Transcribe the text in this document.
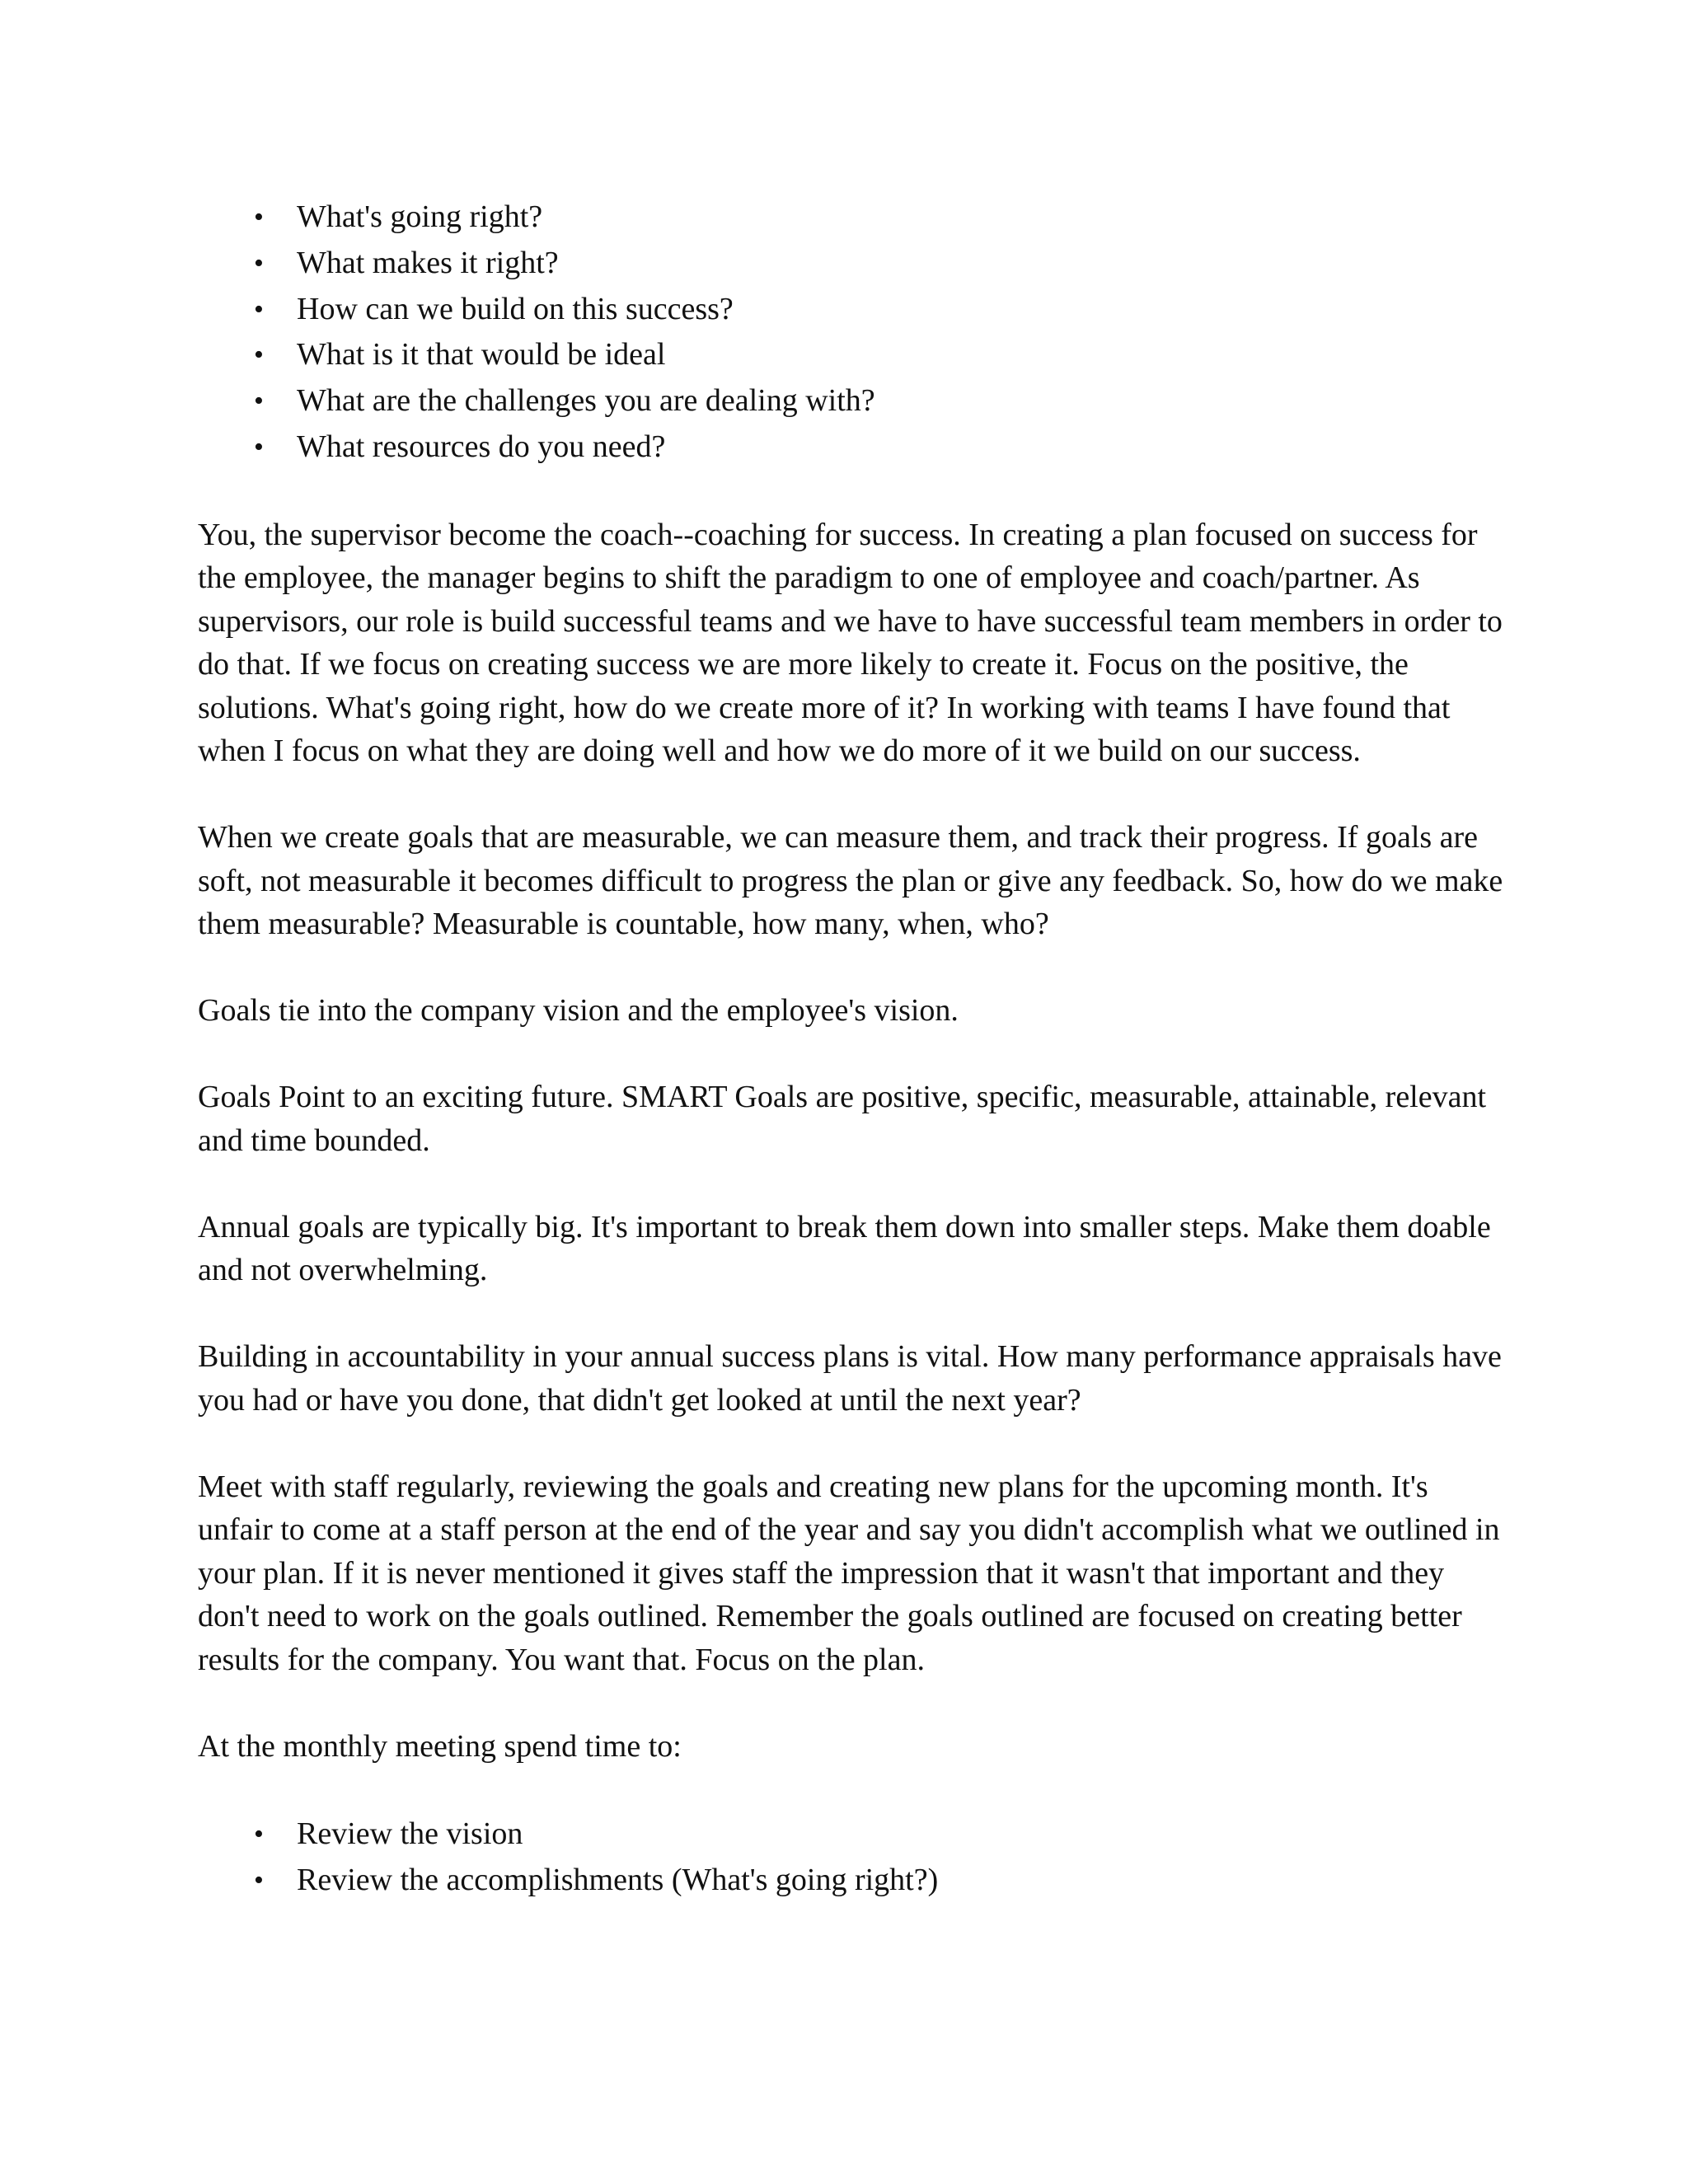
• What's going right?
• What makes it right?
• How can we build on this success?
• What is it that would be ideal
• What are the challenges you are dealing with?
• What resources do you need?

You, the supervisor become the coach--coaching for success. In creating a plan focused on success for the employee, the manager begins to shift the paradigm to one of employee and coach/partner. As supervisors, our role is build successful teams and we have to have successful team members in order to do that. If we focus on creating success we are more likely to create it. Focus on the positive, the solutions. What's going right, how do we create more of it? In working with teams I have found that when I focus on what they are doing well and how we do more of it we build on our success.

When we create goals that are measurable, we can measure them, and track their progress. If goals are soft, not measurable it becomes difficult to progress the plan or give any feedback. So, how do we make them measurable? Measurable is countable, how many, when, who?

Goals tie into the company vision and the employee's vision.

Goals Point to an exciting future. SMART Goals are positive, specific, measurable, attainable, relevant and time bounded.

Annual goals are typically big. It's important to break them down into smaller steps. Make them doable and not overwhelming.

Building in accountability in your annual success plans is vital. How many performance appraisals have you had or have you done, that didn't get looked at until the next year?

Meet with staff regularly, reviewing the goals and creating new plans for the upcoming month. It's unfair to come at a staff person at the end of the year and say you didn't accomplish what we outlined in your plan. If it is never mentioned it gives staff the impression that it wasn't that important and they don't need to work on the goals outlined. Remember the goals outlined are focused on creating better results for the company. You want that. Focus on the plan.

At the monthly meeting spend time to:

• Review the vision
• Review the accomplishments (What's going right?)
